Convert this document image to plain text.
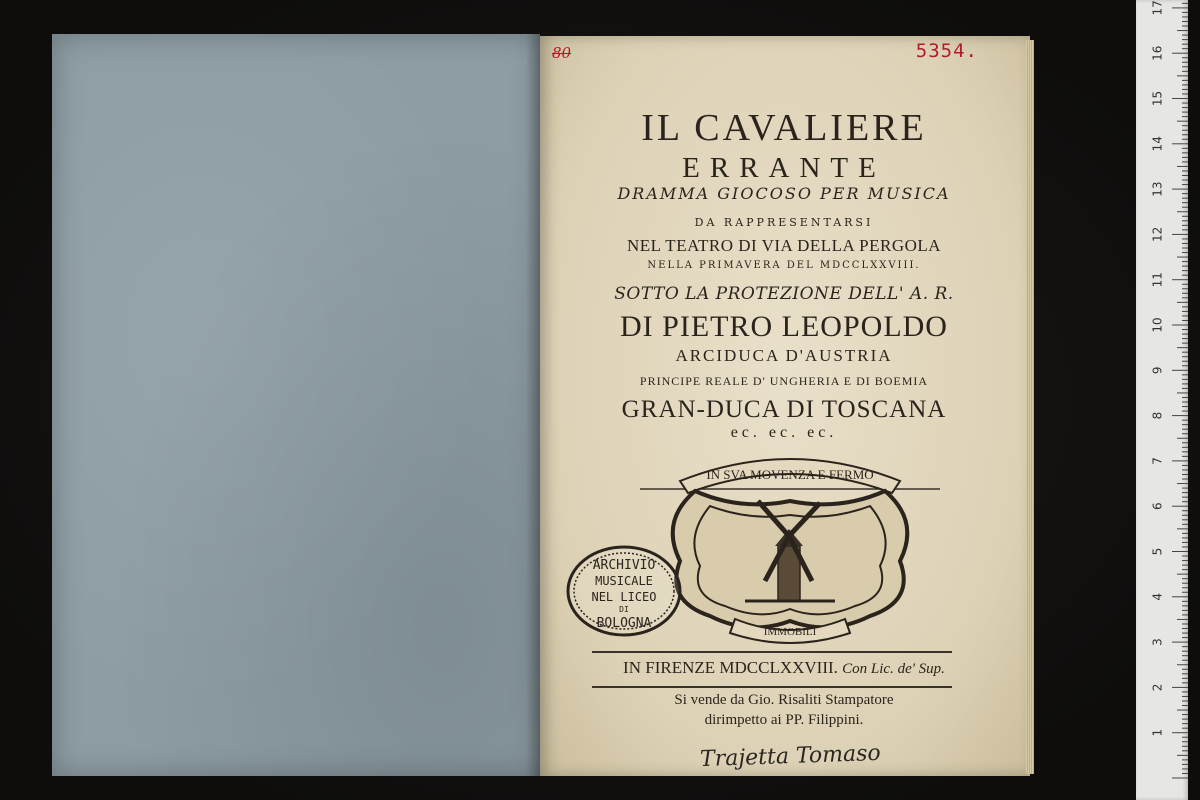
80	5354.
IL CAVALIERE
ERRANTE
DRAMMA GIOCOSO PER MUSICA
DA RAPPRESENTARSI
NEL TEATRO DI VIA DELLA PERGOLA
NELLA PRIMAVERA DEL MDCCLXXVIII.
SOTTO LA PROTEZIONE DELL' A. R.
DI PIETRO LEOPOLDO
ARCIDUCA D'AUSTRIA
PRINCIPE REALE D' UNGHERIA E DI BOEMIA
GRAN-DUCA DI TOSCANA
ec. ec. ec.
IN SVA MOVENZA E FERMO
IMMOBILI
ARCHIVIO
MUSICALE
NEL LICEO
DI
BOLOGNA
IN FIRENZE MDCCLXXVIII. Con Lic. de' Sup.
Si vende da Gio. Risaliti Stampatore
dirimpetto ai PP. Filippini.
Trajetta Tomaso
1
2
3
4
5
6
7
8
9
10
11
12
13
14
15
16
17
